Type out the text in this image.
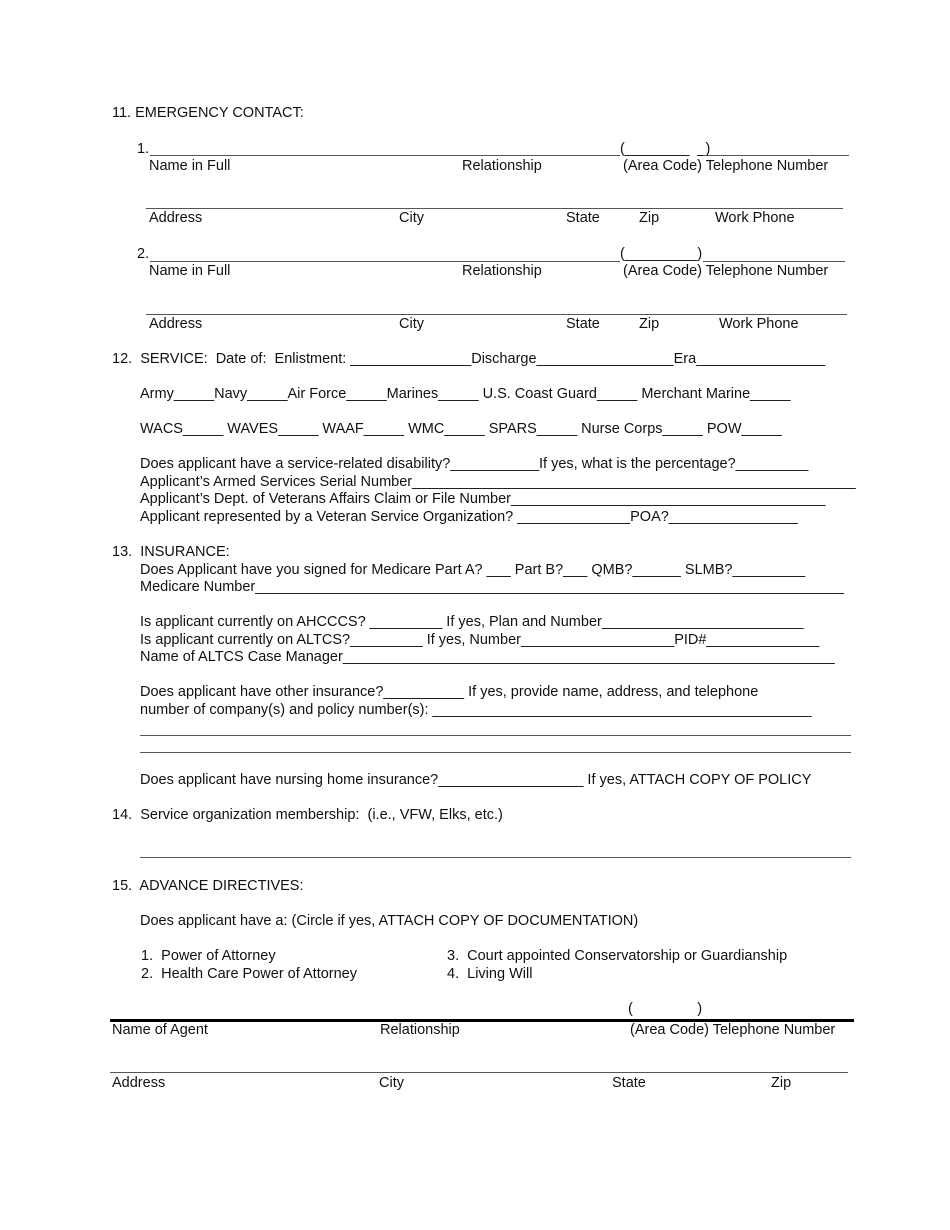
11. EMERGENCY CONTACT:
1.	(________  _)
Name in Full	Relationship	(Area Code) Telephone Number
Address	City	State	Zip	Work Phone
2.	(_________)
Name in Full	Relationship	(Area Code) Telephone Number
Address	City	State	Zip	Work Phone
12.  SERVICE:  Date of:  Enlistment: _______________Discharge_________________Era________________
Army_____Navy_____Air Force_____Marines_____ U.S. Coast Guard_____ Merchant Marine_____
WACS_____ WAVES_____ WAAF_____ WMC_____ SPARS_____ Nurse Corps_____ POW_____
Does applicant have a service-related disability?___________If yes, what is the percentage?_________
Applicant’s Armed Services Serial Number_______________________________________________________
Applicant’s Dept. of Veterans Affairs Claim or File Number_______________________________________
Applicant represented by a Veteran Service Organization? ______________POA?________________
13.  INSURANCE:
Does Applicant have you signed for Medicare Part A? ___ Part B?___ QMB?______ SLMB?_________
Medicare Number_________________________________________________________________________
Is applicant currently on AHCCCS? _________ If yes, Plan and Number_________________________
Is applicant currently on ALTCS?_________ If yes, Number___________________PID#______________
Name of ALTCS Case Manager_____________________________________________________________
Does applicant have other insurance?__________ If yes, provide name, address, and telephone
number of company(s) and policy number(s): _______________________________________________
Does applicant have nursing home insurance?__________________ If yes, ATTACH COPY OF POLICY
14.  Service organization membership:  (i.e., VFW, Elks, etc.)
15.  ADVANCE DIRECTIVES:
Does applicant have a: (Circle if yes, ATTACH COPY OF DOCUMENTATION)
1.  Power of Attorney
2.  Health Care Power of Attorney
3.  Court appointed Conservatorship or Guardianship
4.  Living Will
(                )
Name of Agent	Relationship	(Area Code) Telephone Number
Address	City	State	Zip
